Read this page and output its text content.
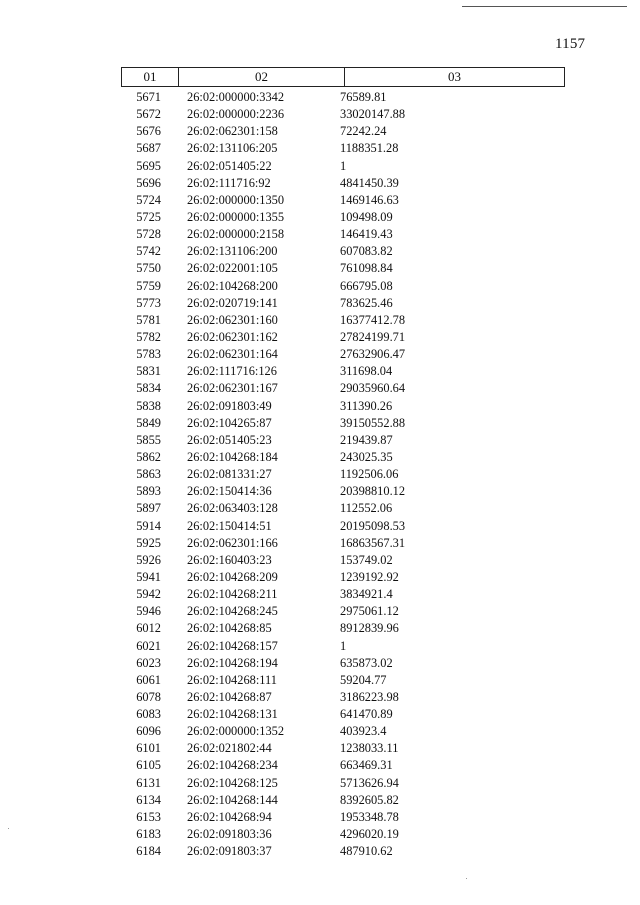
1157
01	02	03
5671 26:02:000000:3342	76589.81
5672 26:02:000000:2236	33020147.88
5676 26:02:062301:158	72242.24
5687 26:02:131106:205	1188351.28
5695 26:02:051405:22	1
5696 26:02:111716:92	4841450.39
5724 26:02:000000:1350	1469146.63
5725 26:02:000000:1355	109498.09
5728 26:02:000000:2158	146419.43
5742 26:02:131106:200	607083.82
5750 26:02:022001:105	761098.84
5759 26:02:104268:200	666795.08
5773 26:02:020719:141	783625.46
5781 26:02:062301:160	16377412.78
5782 26:02:062301:162	27824199.71
5783 26:02:062301:164	27632906.47
5831 26:02:111716:126	311698.04
5834 26:02:062301:167	29035960.64
5838 26:02:091803:49	311390.26
5849 26:02:104265:87	39150552.88
5855 26:02:051405:23	219439.87
5862 26:02:104268:184	243025.35
5863 26:02:081331:27	1192506.06
5893 26:02:150414:36	20398810.12
5897 26:02:063403:128	112552.06
5914 26:02:150414:51	20195098.53
5925 26:02:062301:166	16863567.31
5926 26:02:160403:23	153749.02
5941 26:02:104268:209	1239192.92
5942 26:02:104268:211	3834921.4
5946 26:02:104268:245	2975061.12
6012 26:02:104268:85	8912839.96
6021 26:02:104268:157	1
6023 26:02:104268:194	635873.02
6061 26:02:104268:111	59204.77
6078 26:02:104268:87	3186223.98
6083 26:02:104268:131	641470.89
6096 26:02:000000:1352	403923.4
6101 26:02:021802:44	1238033.11
6105 26:02:104268:234	663469.31
6131 26:02:104268:125	5713626.94
6134 26:02:104268:144	8392605.82
6153 26:02:104268:94	1953348.78
6183 26:02:091803:36	4296020.19
6184 26:02:091803:37	487910.62
